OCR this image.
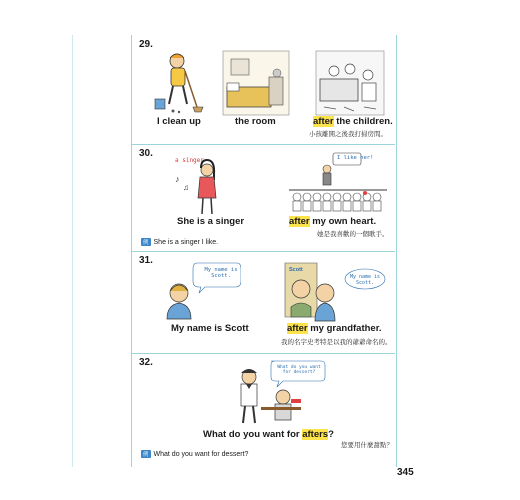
29.
I clean up	the room	after the children.
小孩離開之後我打掃房間。
30.
a singer
♪
♫
I like her!
She is a singer	after my own heart.
她是我喜歡的一個歌手。
例 She is a singer I like.
31.
My name is Scott.
Scott
My name is Scott.
My name is Scott	after my grandfather.
我的名字史考特是以我的爺爺命名的。
32.	What do you want for dessert?
What do you want for afters?
您要用什麼甜點？
例 What do you want for dessert?
345
